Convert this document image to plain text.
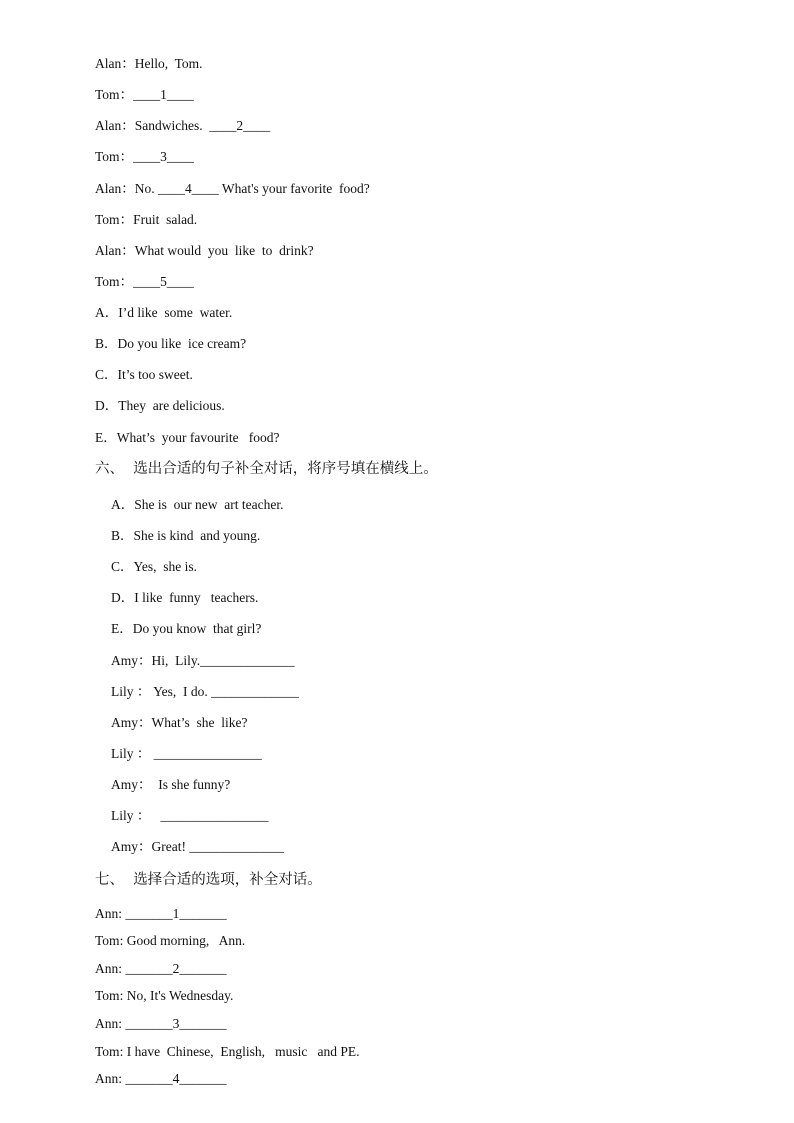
Alan：Hello,  Tom.
Tom：____1____
Alan：Sandwiches.  ____2____
Tom：____3____
Alan：No. ____4____ What's your favorite  food?
Tom：Fruit  salad.
Alan：What would  you  like  to  drink?
Tom：____5____
A．I’d like  some  water.
B．Do you like  ice cream?
C．It’s too sweet.
D．They  are delicious.
E．What’s  your favourite   food?
六、  选出合适的句子补全对话，将序号填在横线上。
A．She is  our new  art teacher.
B．She is kind  and young.
C．Yes,  she is.
D．I like  funny   teachers.
E．Do you know  that girl?
Amy：Hi,  Lily.______________
Lily ： Yes,  I do. _____________
Amy：What’s  she  like?
Lily ： ________________
Amy：  Is she funny?
Lily ：   ________________
Amy：Great! ______________
七、  选择合适的选项，补全对话。
Ann: _______1_______
Tom: Good morning,   Ann.
Ann: _______2_______
Tom: No, It's Wednesday.
Ann: _______3_______
Tom: I have  Chinese,  English,   music   and PE.
Ann: _______4_______
